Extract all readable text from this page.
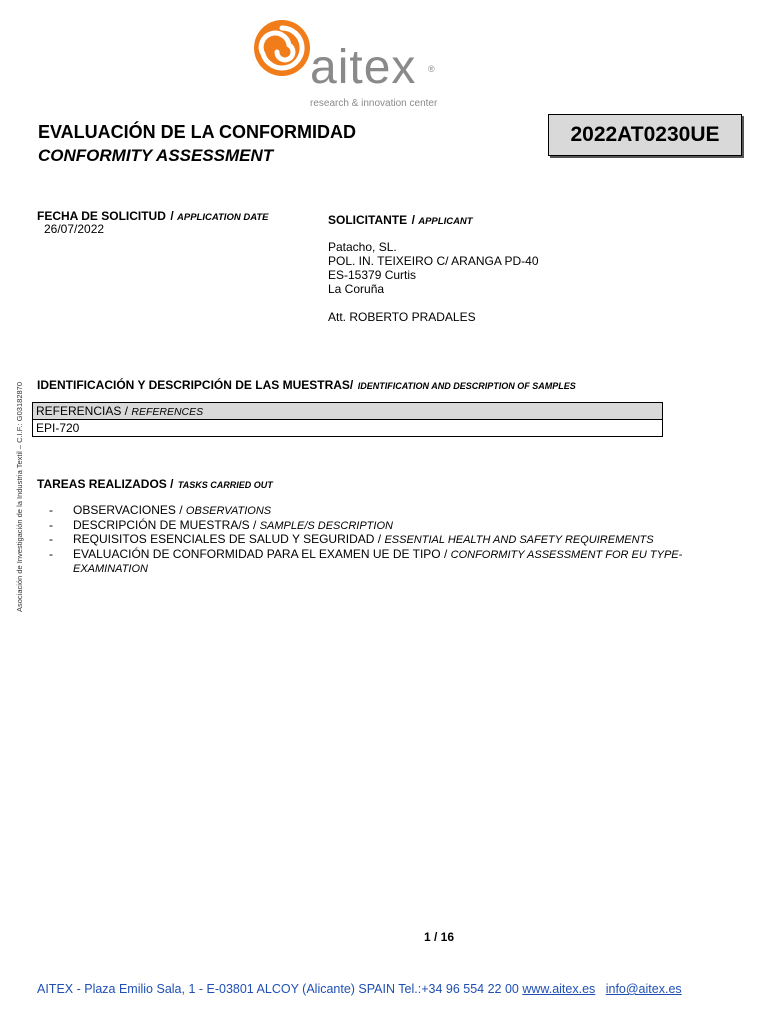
aitex ®
research & innovation center
EVALUACIÓN DE LA CONFORMIDAD
CONFORMITY ASSESSMENT
2022AT0230UE
Asociación de Investigación de la Industria Textil – C.I.F.: G03182870
FECHA DE SOLICITUD / APPLICATION DATE
26/07/2022
SOLICITANTE / APPLICANT
Patacho, SL.
POL. IN. TEIXEIRO C/ ARANGA PD-40
ES-15379 Curtis
La Coruña
Att. ROBERTO PRADALES
IDENTIFICACIÓN Y DESCRIPCIÓN DE LAS MUESTRAS/ IDENTIFICATION AND DESCRIPTION OF SAMPLES
REFERENCIAS / REFERENCES
EPI-720
TAREAS REALIZADOS / TASKS CARRIED OUT
- OBSERVACIONES / OBSERVATIONS
- DESCRIPCIÓN DE MUESTRA/S / SAMPLE/S DESCRIPTION
- REQUISITOS ESENCIALES DE SALUD Y SEGURIDAD / ESSENTIAL HEALTH AND SAFETY REQUIREMENTS
- EVALUACIÓN DE CONFORMIDAD PARA EL EXAMEN UE DE TIPO / CONFORMITY ASSESSMENT FOR EU TYPE-EXAMINATION
1 / 16
AITEX - Plaza Emilio Sala, 1 - E-03801 ALCOY (Alicante) SPAIN Tel.:+34 96 554 22 00 www.aitex.es info@aitex.es
